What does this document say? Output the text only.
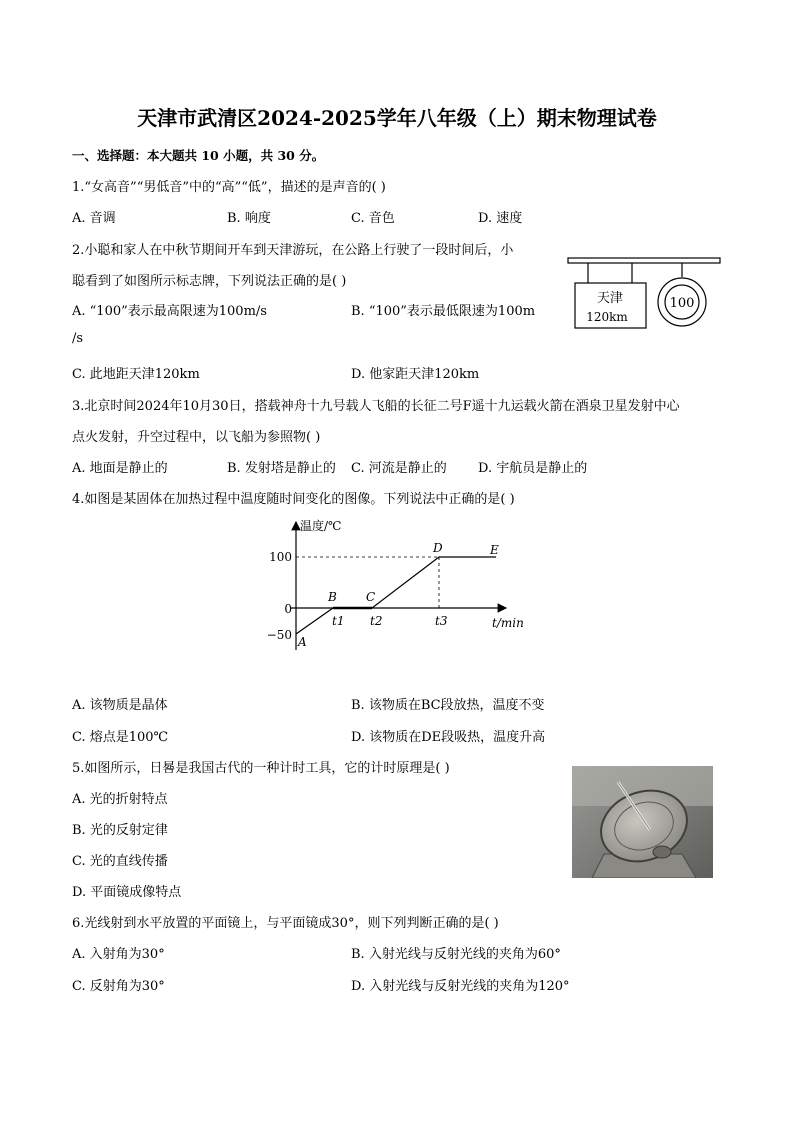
天津市武清区2024-2025学年八年级（上）期末物理试卷
一、选择题：本大题共 10 小题，共 30 分。
1.“女高音”“男低音”中的“高”“低”，描述的是声音的( )
A. 音调	B. 响度	C. 音色	D. 速度
2.小聪和家人在中秋节期间开车到天津游玩，在公路上行驶了一段时间后，小
聪看到了如图所示标志牌，下列说法正确的是( )
A. “100”表示最高限速为100m/s	B. “100”表示最低限速为100m
/s
C. 此地距天津120km	D. 他家距天津120km
天津
120km
100
3.北京时间2024年10月30日，搭载神舟十九号载人飞船的长征二号F遥十九运载火箭在酒泉卫星发射中心
点火发射，升空过程中，以飞船为参照物( )
A. 地面是静止的	B. 发射塔是静止的 C. 河流是静止的 D. 宇航员是静止的
4.如图是某固体在加热过程中温度随时间变化的图像。下列说法中正确的是( )
温度/℃
t/min
100
0
−50 A
B C
D	E
t1 t2	t3
A. 该物质是晶体	B. 该物质在BC段放热，温度不变
C. 熔点是100℃	D. 该物质在DE段吸热，温度升高
5.如图所示，日晷是我国古代的一种计时工具，它的计时原理是( )
A. 光的折射特点
B. 光的反射定律
C. 光的直线传播
D. 平面镜成像特点
6.光线射到水平放置的平面镜上，与平面镜成30°，则下列判断正确的是( )
A. 入射角为30°	B. 入射光线与反射光线的夹角为60°
C. 反射角为30°	D. 入射光线与反射光线的夹角为120°
